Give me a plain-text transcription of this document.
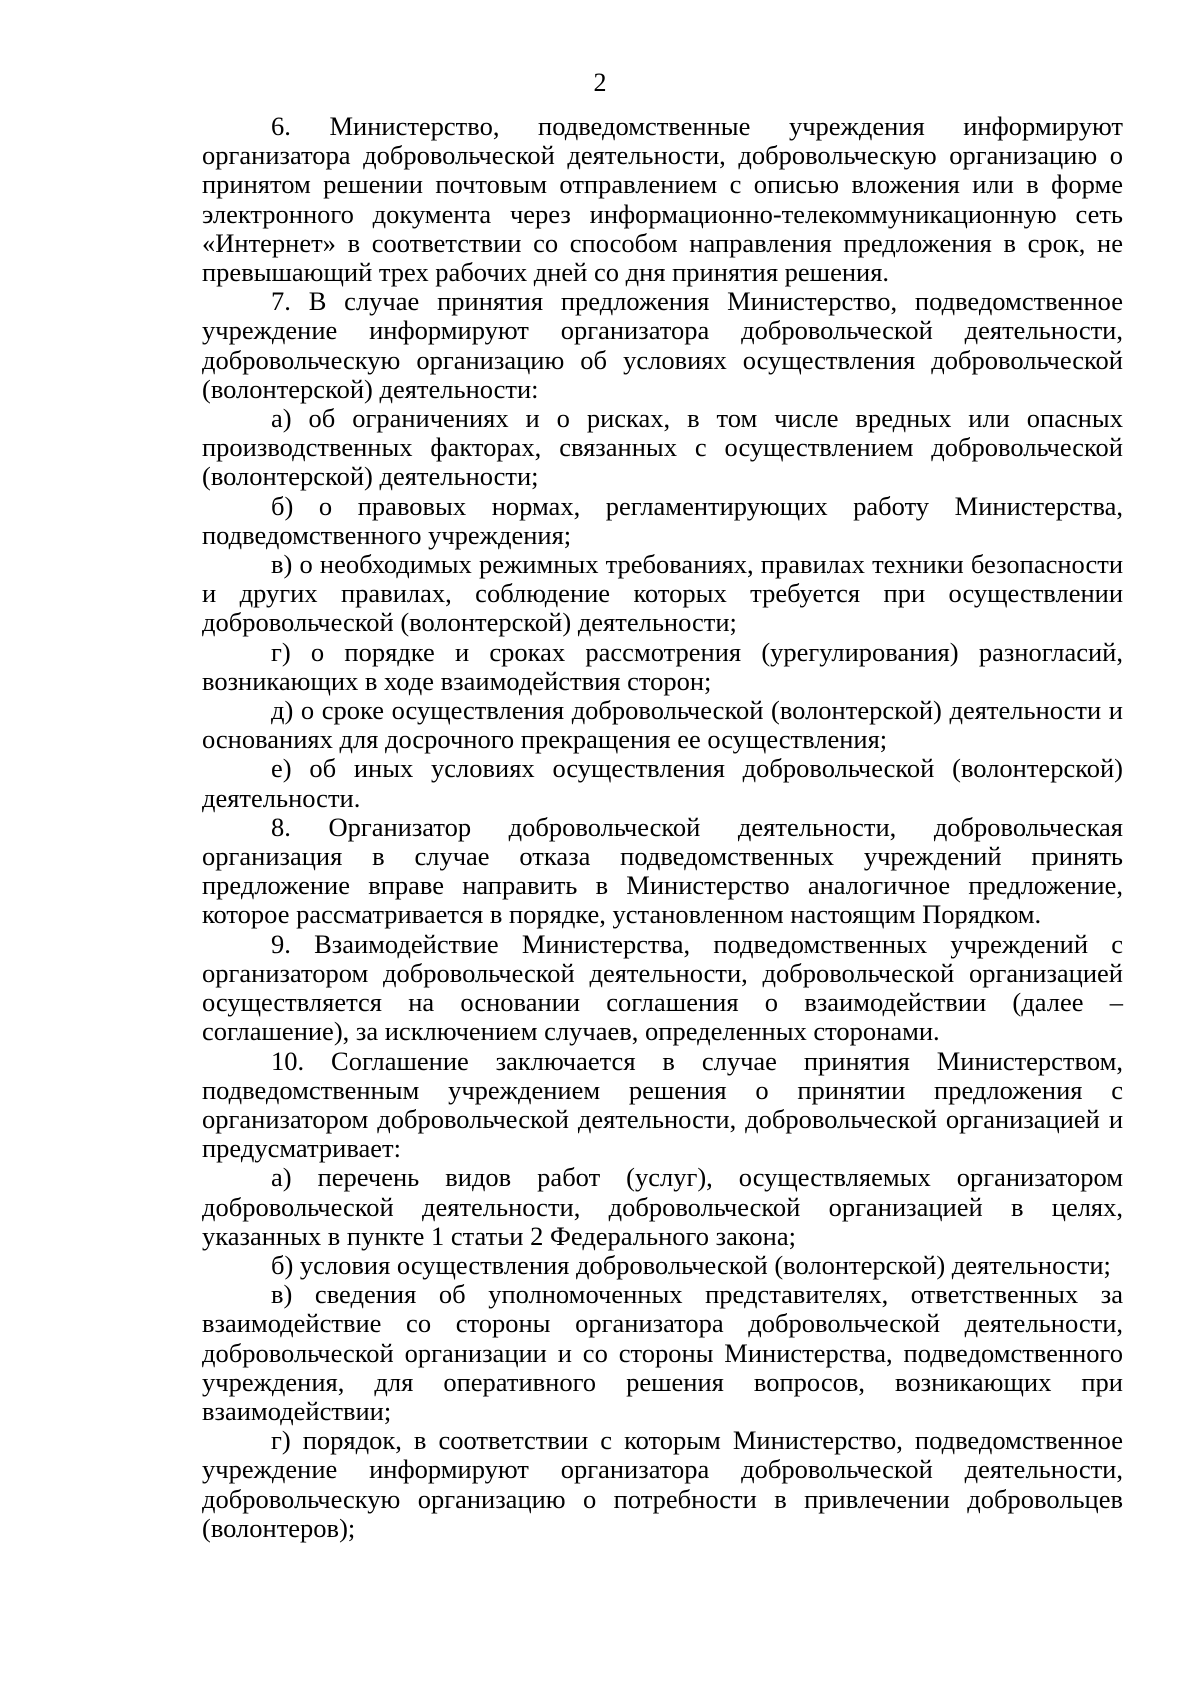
2

6. Министерство, подведомственные учреждения информируют организатора добровольческой деятельности, добровольческую организацию о принятом решении почтовым отправлением с описью вложения или в форме электронного документа через информационно-телекоммуникационную сеть «Интернет» в соответствии со способом направления предложения в срок, не превышающий трех рабочих дней со дня принятия решения.

7. В случае принятия предложения Министерство, подведомственное учреждение информируют организатора добровольческой деятельности, добровольческую организацию об условиях осуществления добровольческой (волонтерской) деятельности:

а) об ограничениях и о рисках, в том числе вредных или опасных производственных факторах, связанных с осуществлением добровольческой (волонтерской) деятельности;

б) о правовых нормах, регламентирующих работу Министерства, подведомственного учреждения;

в) о необходимых режимных требованиях, правилах техники безопасности и других правилах, соблюдение которых требуется при осуществлении добровольческой (волонтерской) деятельности;

г) о порядке и сроках рассмотрения (урегулирования) разногласий, возникающих в ходе взаимодействия сторон;

д) о сроке осуществления добровольческой (волонтерской) деятельности и основаниях для досрочного прекращения ее осуществления;

е) об иных условиях осуществления добровольческой (волонтерской) деятельности.

8. Организатор добровольческой деятельности, добровольческая организация в случае отказа подведомственных учреждений принять предложение вправе направить в Министерство аналогичное предложение, которое рассматривается в порядке, установленном настоящим Порядком.

9. Взаимодействие Министерства, подведомственных учреждений с организатором добровольческой деятельности, добровольческой организацией осуществляется на основании соглашения о взаимодействии (далее – соглашение), за исключением случаев, определенных сторонами.

10. Соглашение заключается в случае принятия Министерством, подведомственным учреждением решения о принятии предложения с организатором добровольческой деятельности, добровольческой организацией и предусматривает:

а) перечень видов работ (услуг), осуществляемых организатором добровольческой деятельности, добровольческой организацией в целях, указанных в пункте 1 статьи 2 Федерального закона;

б) условия осуществления добровольческой (волонтерской) деятельности;

в) сведения об уполномоченных представителях, ответственных за взаимодействие со стороны организатора добровольческой деятельности, добровольческой организации и со стороны Министерства, подведомственного учреждения, для оперативного решения вопросов, возникающих при взаимодействии;

г) порядок, в соответствии с которым Министерство, подведомственное учреждение информируют организатора добровольческой деятельности, добровольческую организацию о потребности в привлечении добровольцев (волонтеров);
